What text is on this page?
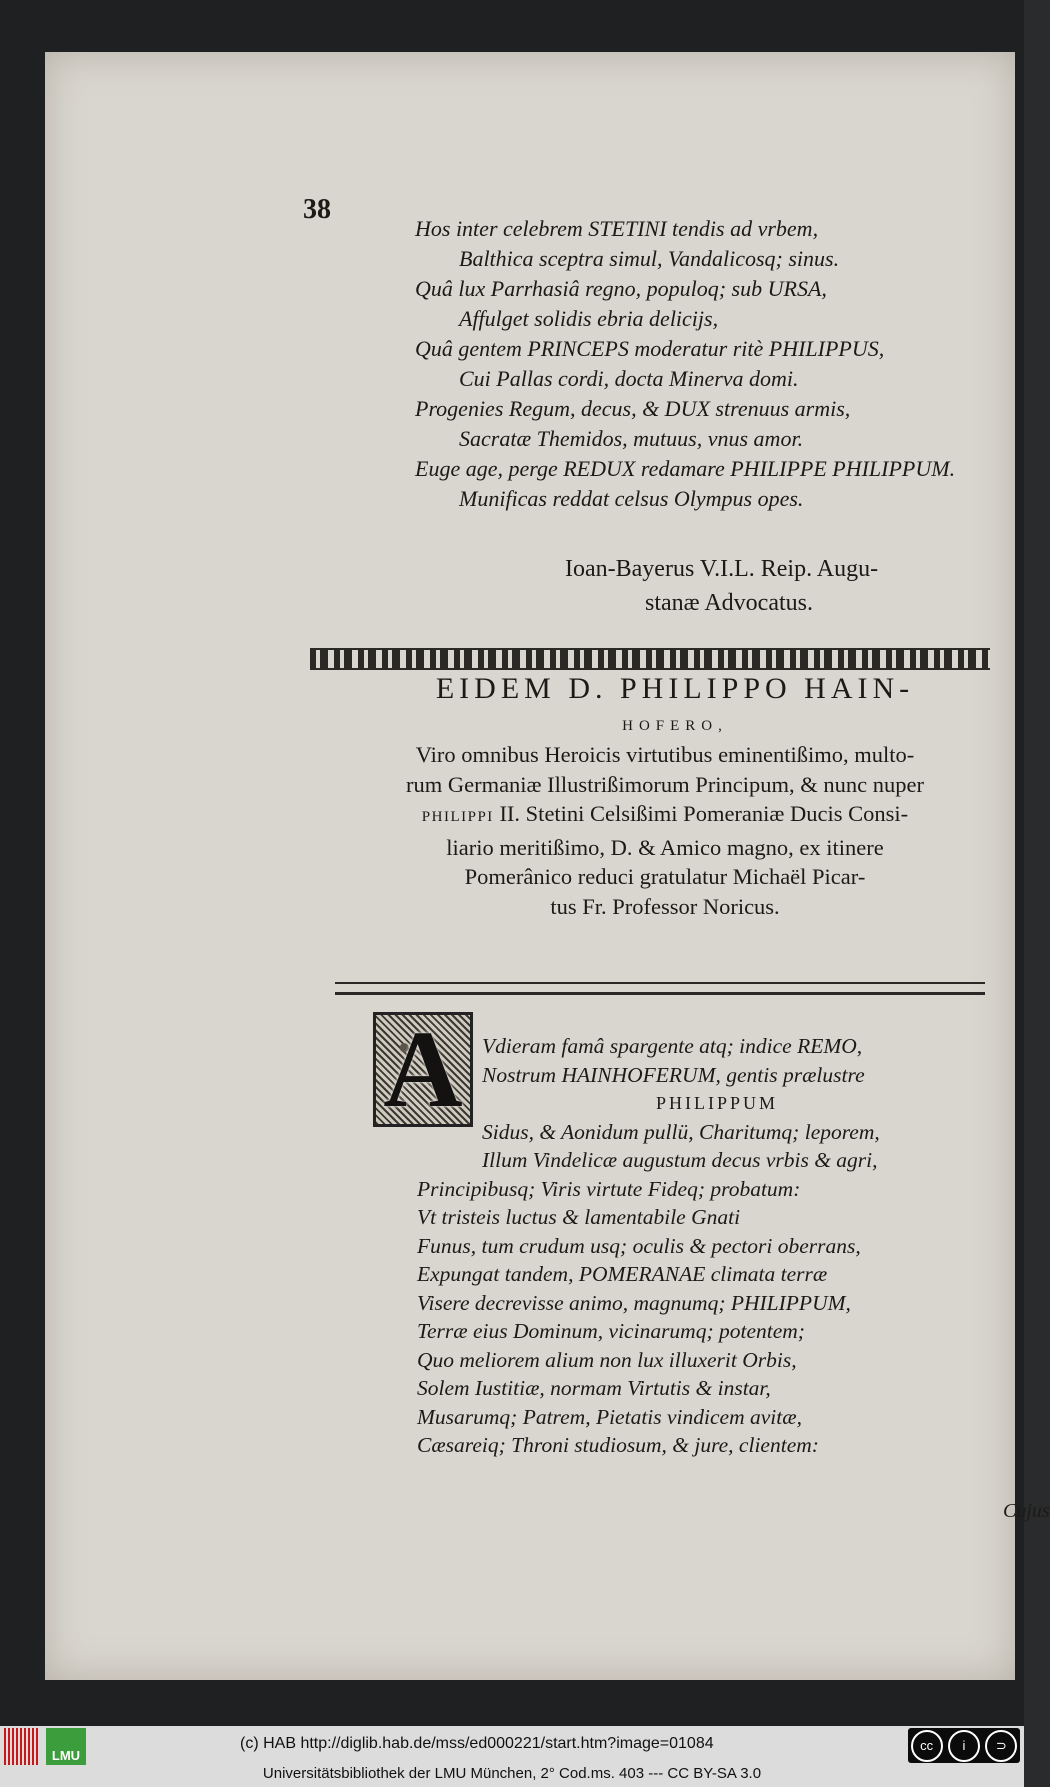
38
Hos inter celebrem STETINI tendis ad vrbem,
Balthica sceptra simul, Vandalicosq; sinus.
Quâ lux Parrhasiâ regno, populoq; sub URSA,
Affulget solidis ebria delicijs,
Quâ gentem PRINCEPS moderatur ritè PHILIPPUS,
Cui Pallas cordi, docta Minerva domi.
Progenies Regum, decus, & DUX strenuus armis,
Sacratæ Themidos, mutuus, vnus amor.
Euge age, perge REDUX redamare PHILIPPE PHILIPPUM.
Munificas reddat celsus Olympus opes.
Ioan-Bayerus V.I.L. Reip. Augu-
stanæ Advocatus.
EIDEM D. PHILIPPO HAIN-
HOFERO,
Viro omnibus Heroicis virtutibus eminentißimo, multo-
rum Germaniæ Illustrißimorum Principum, & nunc nuper
PHILIPPI II. Stetini Celsißimi Pomeraniæ Ducis Consi-
liario meritißimo, D. & Amico magno, ex itinere
Pomerânico reduci gratulatur Michaël Picar-
tus Fr. Professor Noricus.
A Vdieram famâ spargente atq; indice REMO,
Nostrum HAINHOFERUM, gentis prælustre
PHILIPPUM
Sidus, & Aonidum pullü, Charitumq; leporem,
Illum Vindelicæ augustum decus vrbis & agri,
Principibusq; Viris virtute Fideq; probatum:
Vt tristeis luctus & lamentabile Gnati
Funus, tum crudum usq; oculis & pectori oberrans,
Expungat tandem, POMERANAE climata terræ
Visere decrevisse animo, magnumq; PHILIPPUM,
Terræ eius Dominum, vicinarumq; potentem;
Quo meliorem alium non lux illuxerit Orbis,
Solem Iustitiæ, normam Virtutis & instar,
Musarumq; Patrem, Pietatis vindicem avitæ,
Cæsareiq; Throni studiosum, & jure, clientem:
Cujus
LMU
(c) HAB http://diglib.hab.de/mss/ed000221/start.htm?image=01084	cc	i	⊃
Universitätsbibliothek der LMU München, 2° Cod.ms. 403 --- CC BY-SA 3.0
